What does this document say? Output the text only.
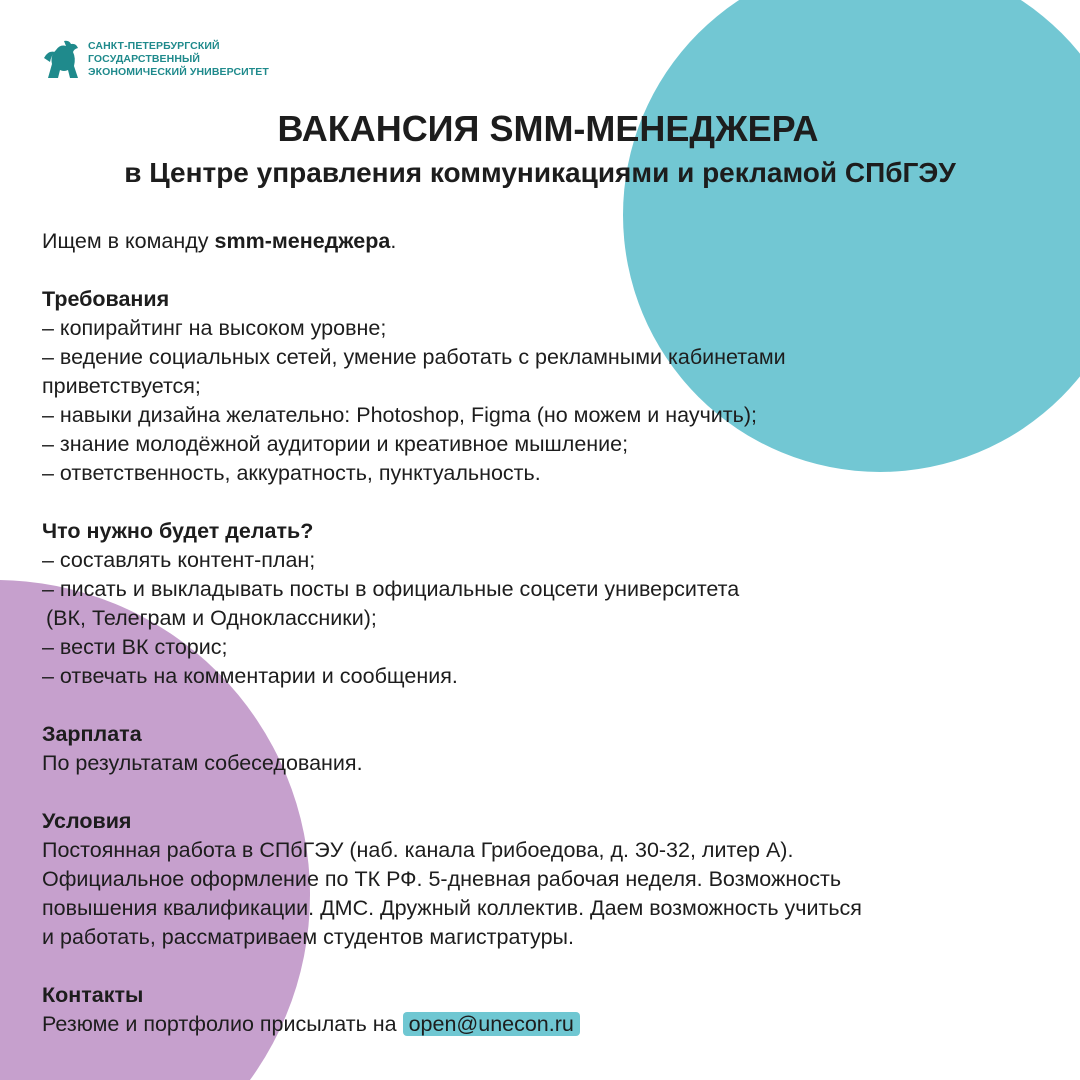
САНКТ-ПЕТЕРБУРГСКИЙ
ГОСУДАРСТВЕННЫЙ
ЭКОНОМИЧЕСКИЙ УНИВЕРСИТЕТ
ВАКАНСИЯ SMM-МЕНЕДЖЕРА
в Центре управления коммуникациями и рекламой СПбГЭУ

Ищем в команду smm-менеджера.

Требования

– копирайтинг на высоком уровне;

– ведение социальных сетей, умение работать с рекламными кабинетами

приветствуется;

– навыки дизайна желательно: Photoshop, Figma (но можем и научить);

– знание молодёжной аудитории и креативное мышление;

– ответственность, аккуратность, пунктуальность.

Что нужно будет делать?

– составлять контент-план;

– писать и выкладывать посты в официальные соцсети университета

(ВК, Телеграм и Одноклассники);

– вести ВК сторис;

– отвечать на комментарии и сообщения.

Зарплата

По результатам собеседования.

Условия

Постоянная работа в СПбГЭУ (наб. канала Грибоедова, д. 30-32, литер А).

Официальное оформление по ТК РФ. 5-дневная рабочая неделя. Возможность

повышения квалификации. ДМС. Дружный коллектив. Даем возможность учиться

и работать, рассматриваем студентов магистратуры.

Контакты

Резюме и портфолио присылать на open@unecon.ru
